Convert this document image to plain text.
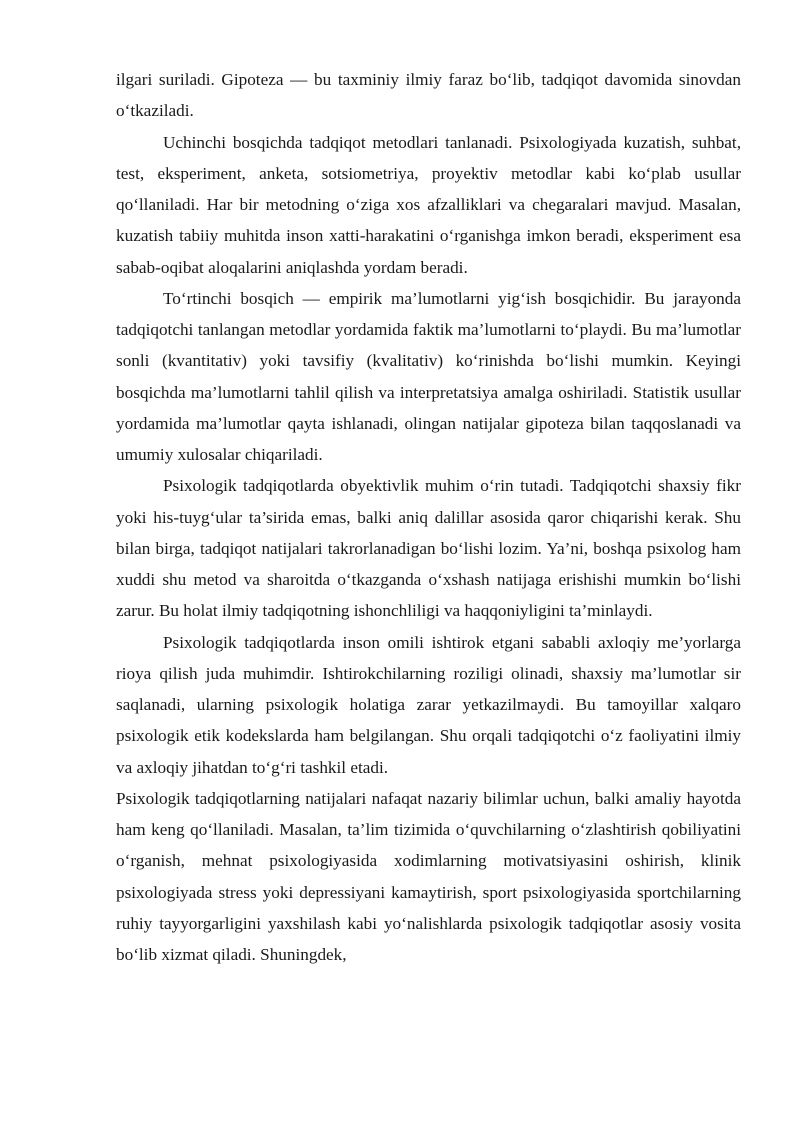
ilgari suriladi. Gipoteza — bu taxminiy ilmiy faraz bo‘lib, tadqiqot davomida sinovdan o‘tkaziladi.

Uchinchi bosqichda tadqiqot metodlari tanlanadi. Psixologiyada kuzatish, suhbat, test, eksperiment, anketa, sotsiometriya, proyektiv metodlar kabi ko‘plab usullar qo‘llaniladi. Har bir metodning o‘ziga xos afzalliklari va chegaralari mavjud. Masalan, kuzatish tabiiy muhitda inson xatti-harakatini o‘rganishga imkon beradi, eksperiment esa sabab-oqibat aloqalarini aniqlashda yordam beradi.

To‘rtinchi bosqich — empirik ma’lumotlarni yig‘ish bosqichidir. Bu jarayonda tadqiqotchi tanlangan metodlar yordamida faktik ma’lumotlarni to‘playdi. Bu ma’lumotlar sonli (kvantitativ) yoki tavsifiy (kvalitativ) ko‘rinishda bo‘lishi mumkin. Keyingi bosqichda ma’lumotlarni tahlil qilish va interpretatsiya amalga oshiriladi. Statistik usullar yordamida ma’lumotlar qayta ishlanadi, olingan natijalar gipoteza bilan taqqoslanadi va umumiy xulosalar chiqariladi.

Psixologik tadqiqotlarda obyektivlik muhim o‘rin tutadi. Tadqiqotchi shaxsiy fikr yoki his-tuyg‘ular ta’sirida emas, balki aniq dalillar asosida qaror chiqarishi kerak. Shu bilan birga, tadqiqot natijalari takrorlanadigan bo‘lishi lozim. Ya’ni, boshqa psixolog ham xuddi shu metod va sharoitda o‘tkazganda o‘xshash natijaga erishishi mumkin bo‘lishi zarur. Bu holat ilmiy tadqiqotning ishonchliligi va haqqoniyligini ta’minlaydi.

Psixologik tadqiqotlarda inson omili ishtirok etgani sababli axloqiy me’yorlarga rioya qilish juda muhimdir. Ishtirokchilarning roziligi olinadi, shaxsiy ma’lumotlar sir saqlanadi, ularning psixologik holatiga zarar yetkazilmaydi. Bu tamoyillar xalqaro psixologik etik kodekslarda ham belgilangan. Shu orqali tadqiqotchi o‘z faoliyatini ilmiy va axloqiy jihatdan to‘g‘ri tashkil etadi.

Psixologik tadqiqotlarning natijalari nafaqat nazariy bilimlar uchun, balki amaliy hayotda ham keng qo‘llaniladi. Masalan, ta’lim tizimida o‘quvchilarning o‘zlashtirish qobiliyatini o‘rganish, mehnat psixologiyasida xodimlarning motivatsiyasini oshirish, klinik psixologiyada stress yoki depressiyani kamaytirish, sport psixologiyasida sportchilarning ruhiy tayyorgarligini yaxshilash kabi yo‘nalishlarda psixologik tadqiqotlar asosiy vosita bo‘lib xizmat qiladi. Shuningdek,
